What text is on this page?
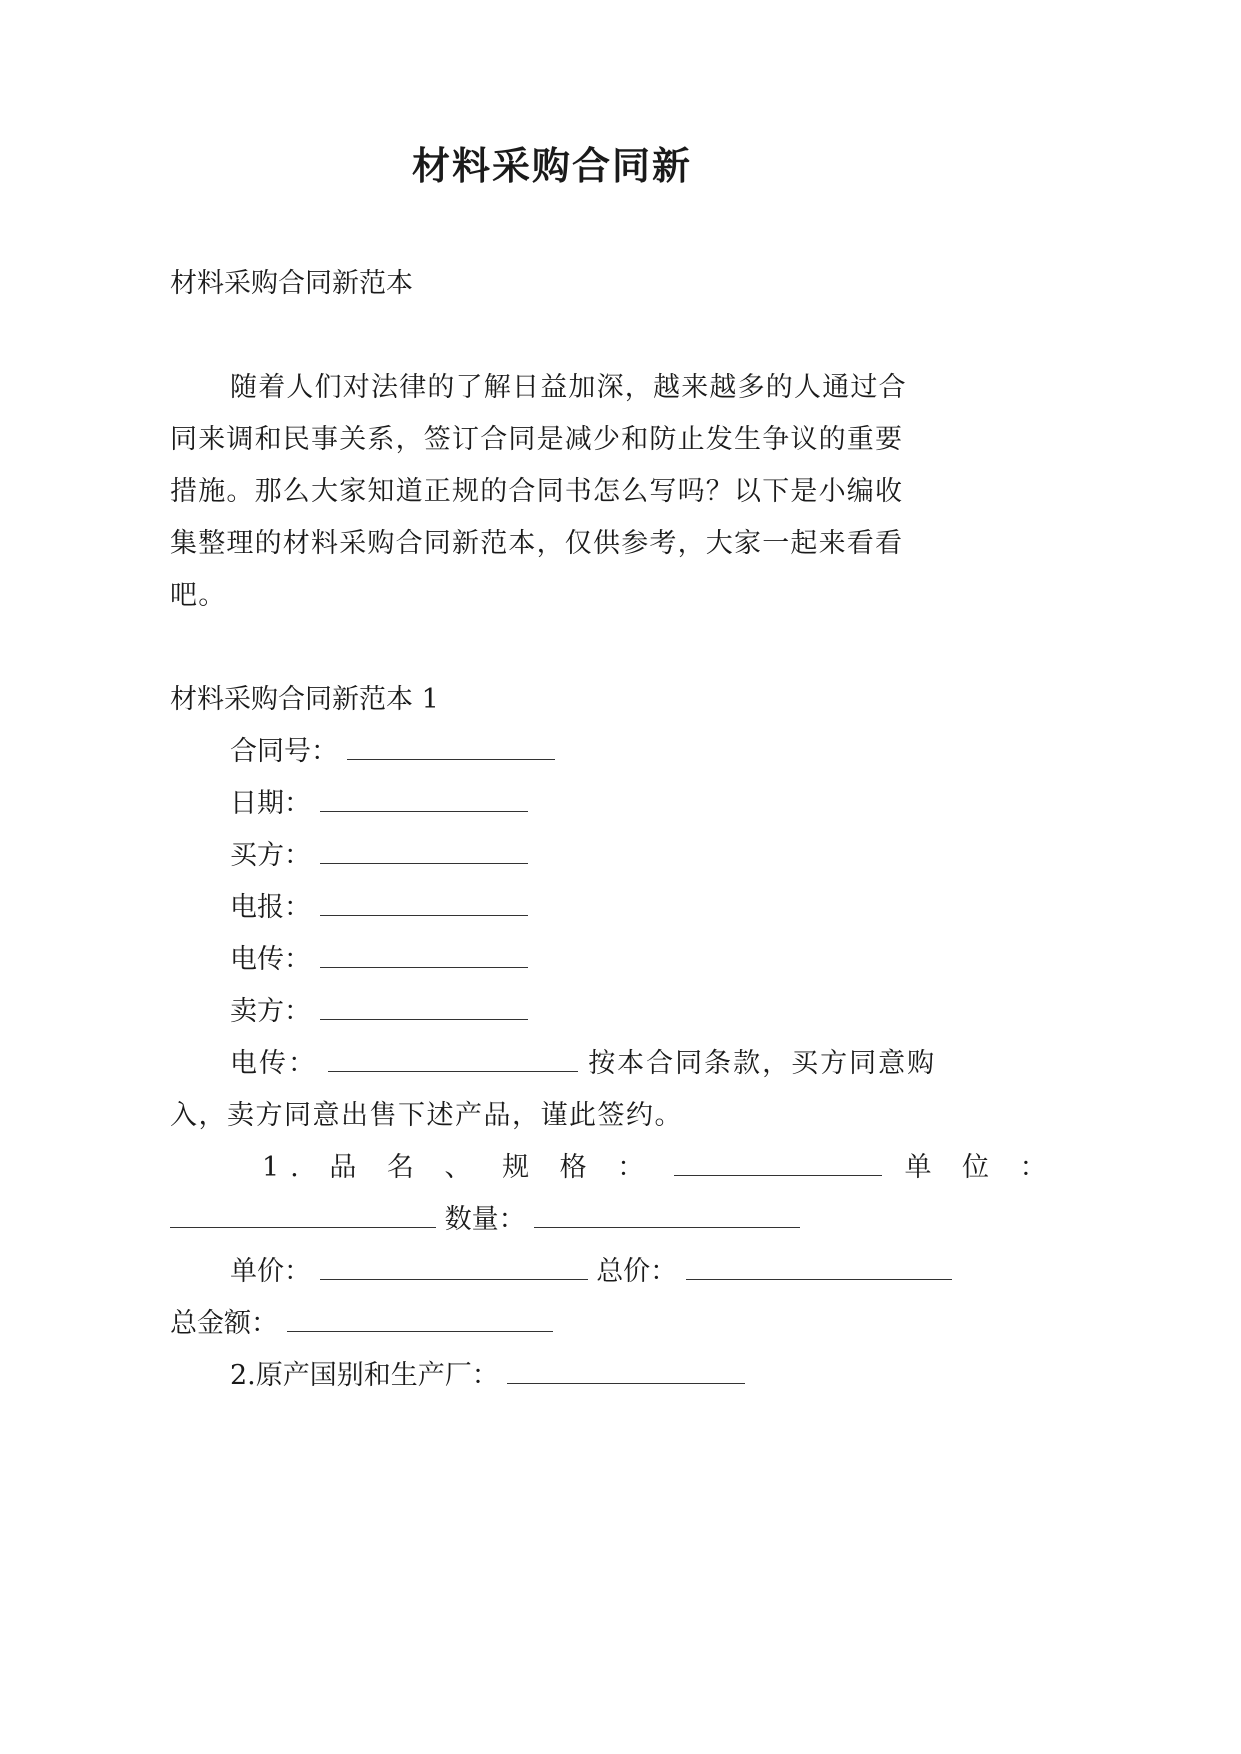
材料采购合同新
材料采购合同新范本
随着人们对法律的了解日益加深，越来越多的人通过合
同来调和民事关系，签订合同是减少和防止发生争议的重要
措施。那么大家知道正规的合同书怎么写吗？以下是小编收
集整理的材料采购合同新范本，仅供参考，大家一起来看看
吧。
材料采购合同新范本 1
合同号：
日期：
买方：
电报：
电传：
卖方：
电传：	按本合同条款，买方同意购
入，卖方同意出售下述产品，谨此签约。
1. 品 名 、 规 格 ：	单 位 ：
数量：
单价：	总价：
总金额：
2.原产国别和生产厂：
